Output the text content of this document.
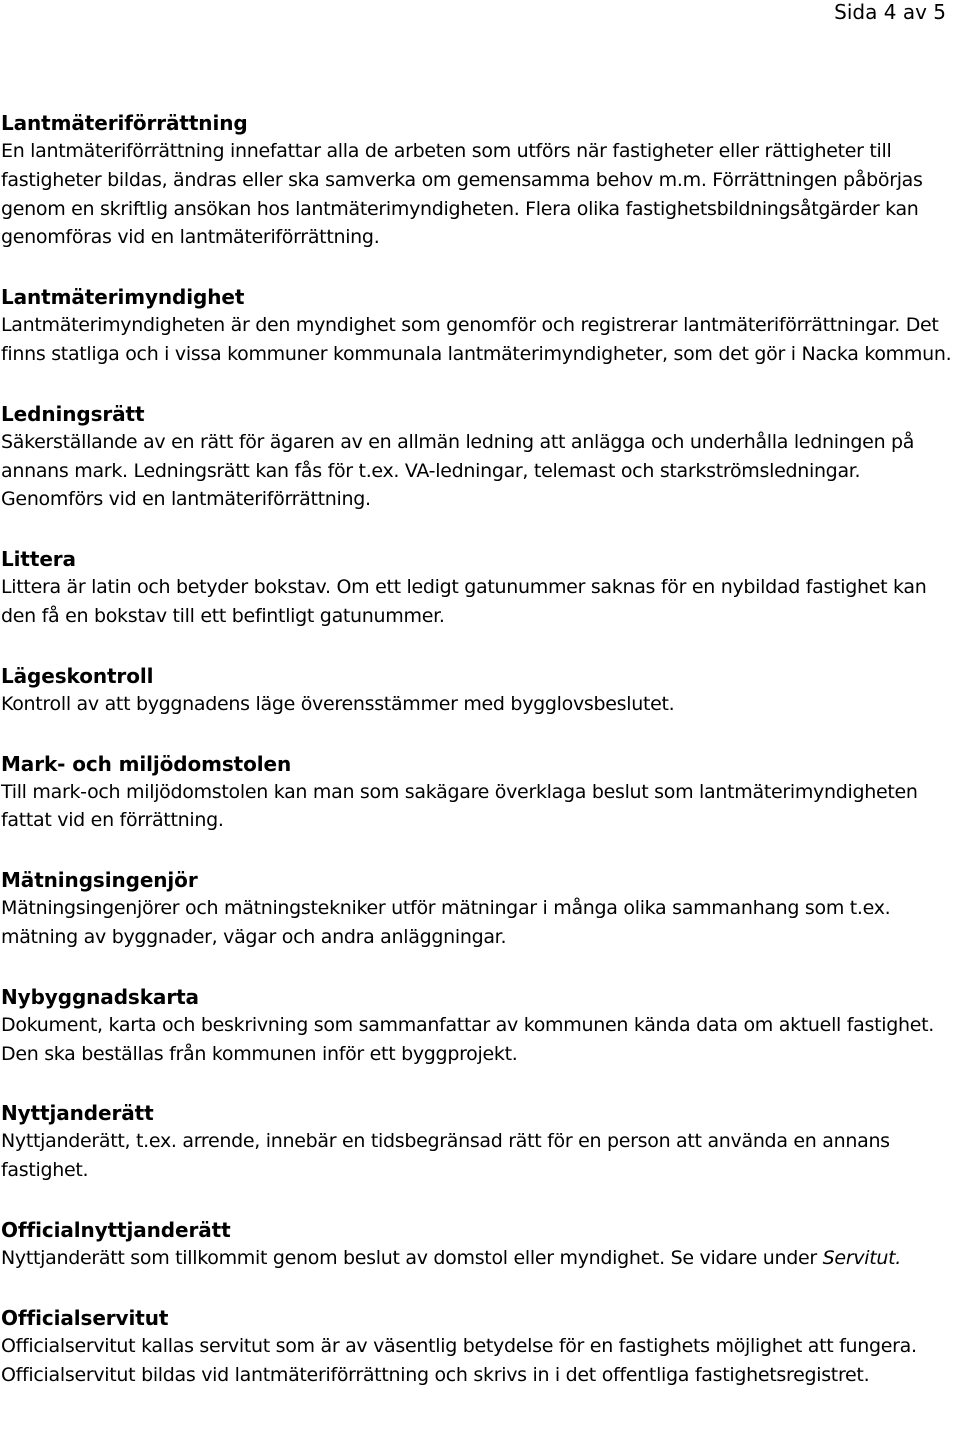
Sida 4 av 5

Lantmäteriförrättning

En lantmäteriförrättning innefattar alla de arbeten som utförs när fastigheter eller rättigheter till fastigheter bildas, ändras eller ska samverka om gemensamma behov m.m. Förrättningen påbörjas genom en skriftlig ansökan hos lantmäterimyndigheten. Flera olika fastighetsbildningsåtgärder kan genomföras vid en lantmäteriförrättning.

Lantmäterimyndighet

Lantmäterimyndigheten är den myndighet som genomför och registrerar lantmäteriförrättningar. Det finns statliga och i vissa kommuner kommunala lantmäterimyndigheter, som det gör i Nacka kommun.

Ledningsrätt

Säkerställande av en rätt för ägaren av en allmän ledning att anlägga och underhålla ledningen på annans mark. Ledningsrätt kan fås för t.ex. VA-ledningar, telemast och starkströmsledningar. Genomförs vid en lantmäteriförrättning.

Littera

Littera är latin och betyder bokstav. Om ett ledigt gatunummer saknas för en nybildad fastighet kan den få en bokstav till ett befintligt gatunummer.

Lägeskontroll

Kontroll av att byggnadens läge överensstämmer med bygglovsbeslutet.

Mark- och miljödomstolen

Till mark-och miljödomstolen kan man som sakägare överklaga beslut som lantmäterimyndigheten fattat vid en förrättning.

Mätningsingenjör

Mätningsingenjörer och mätningstekniker utför mätningar i många olika sammanhang som t.ex. mätning av byggnader, vägar och andra anläggningar.

Nybyggnadskarta

Dokument, karta och beskrivning som sammanfattar av kommunen kända data om aktuell fastighet. Den ska beställas från kommunen inför ett byggprojekt.

Nyttjanderätt

Nyttjanderätt, t.ex. arrende, innebär en tidsbegränsad rätt för en person att använda en annans fastighet.

Officialnyttjanderätt

Nyttjanderätt som tillkommit genom beslut av domstol eller myndighet. Se vidare under Servitut.

Officialservitut

Officialservitut kallas servitut som är av väsentlig betydelse för en fastighets möjlighet att fungera. Officialservitut bildas vid lantmäteriförrättning och skrivs in i det offentliga fastighetsregistret.
